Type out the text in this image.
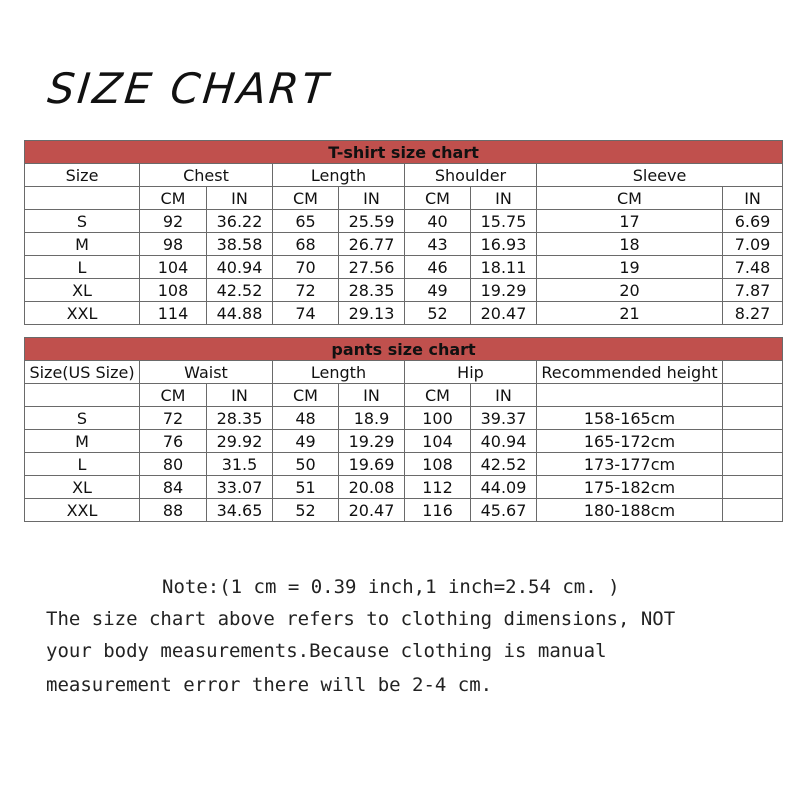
SIZE CHART
T-shirt size chart								
Size	Chest		Length		Shoulder		Sleeve	
	CM	IN	CM	IN	CM	IN	CM	IN
S	92	36.22	65	25.59	40	15.75	17	6.69
M	98	38.58	68	26.77	43	16.93	18	7.09
L	104	40.94	70	27.56	46	18.11	19	7.48
XL	108	42.52	72	28.35	49	19.29	20	7.87
XXL	114	44.88	74	29.13	52	20.47	21	8.27
pants size chart								
Size(US Size)	Waist		Length		Hip		Recommended height	
	CM	IN	CM	IN	CM	IN		
S	72	28.35	48	18.9	100	39.37	158-165cm	
M	76	29.92	49	19.29	104	40.94	165-172cm	
L	80	31.5	50	19.69	108	42.52	173-177cm	
XL	84	33.07	51	20.08	112	44.09	175-182cm	
XXL	88	34.65	52	20.47	116	45.67	180-188cm	
Note:(1 cm = 0.39 inch,1 inch=2.54 cm. )
The size chart above refers to clothing dimensions, NOT
your body measurements.Because clothing is manual
measurement error there will be 2-4 cm.
